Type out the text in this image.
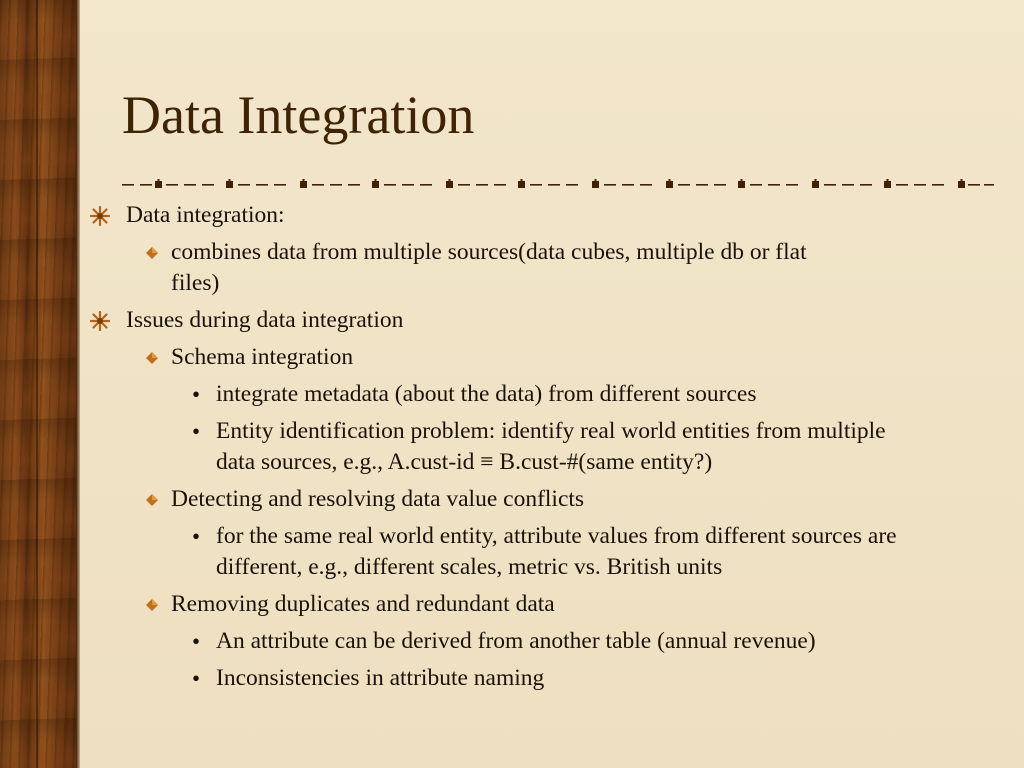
Data Integration
Data integration:
combines data from multiple sources(data cubes, multiple db or flat files)
Issues during data integration
Schema integration
• integrate metadata (about the data) from different sources
• Entity identification problem: identify real world entities from multiple data sources, e.g., A.cust-id ≡ B.cust-#(same entity?)
Detecting and resolving data value conflicts
• for the same real world entity, attribute values from different sources are different, e.g., different scales, metric vs. British units
Removing duplicates and redundant data
• An attribute can be derived from another table (annual revenue)
• Inconsistencies in attribute naming
